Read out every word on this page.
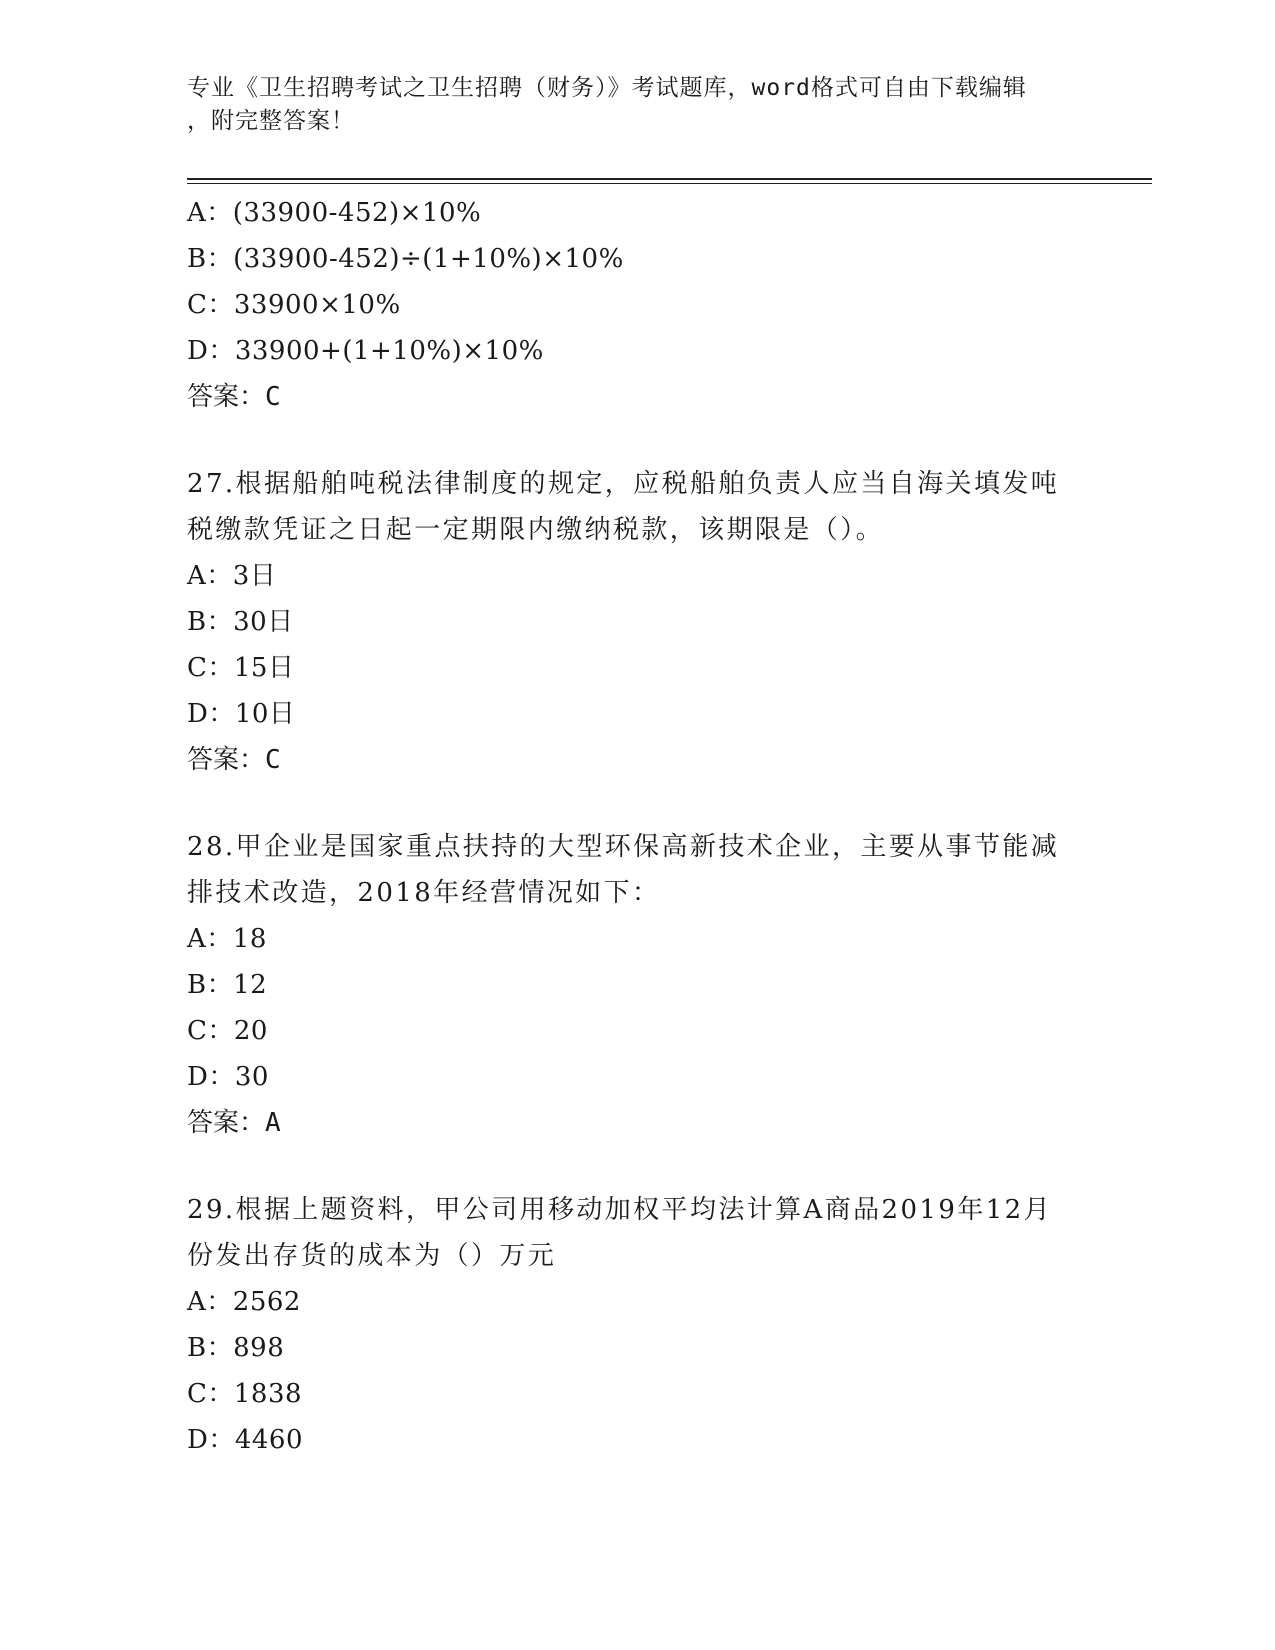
专业《卫生招聘考试之卫生招聘（财务）》考试题库，word格式可自由下载编辑
，附完整答案！
A：(33900-452)×10%
B：(33900-452)÷(1+10%)×10%
C：33900×10%
D：33900+(1+10%)×10%
答案：C
27.根据船舶吨税法律制度的规定，应税船舶负责人应当自海关填发吨税缴款凭证之日起一定期限内缴纳税款，该期限是（）。
A：3日
B：30日
C：15日
D：10日
答案：C
28.甲企业是国家重点扶持的大型环保高新技术企业，主要从事节能减排技术改造，2018年经营情况如下：
A：18
B：12
C：20
D：30
答案：A
29.根据上题资料，甲公司用移动加权平均法计算A商品2019年12月份发出存货的成本为（）万元
A：2562
B：898
C：1838
D：4460
